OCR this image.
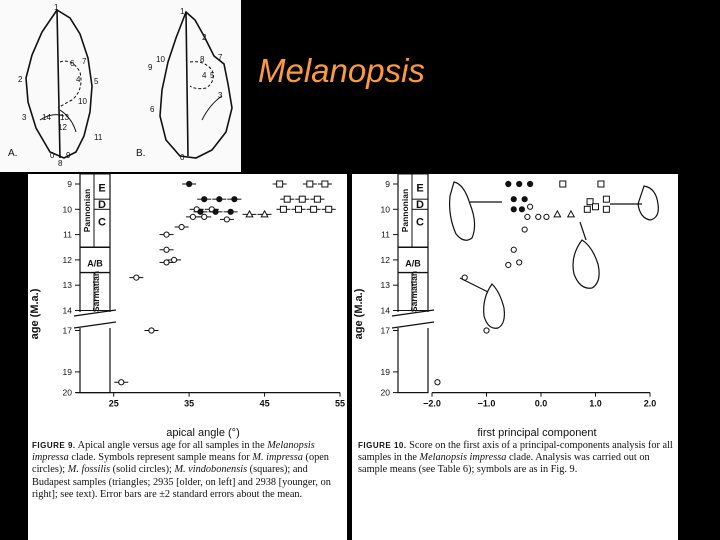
Melanopsis
1
2
3
4 5
6 7
8
9
10
11
12
13
14
0
A.
1
2
3
4 5
6
7
8
9
10
0
B.
age (M.a.)
9
10
11
12
13
14
17
19
20
E
D
C
A/B
Pannonian
Sarmatian
25	35	45	55
apical angle (°)
FIGURE 9. Apical angle versus age for all samples in the Melanopsis impressa clade. Symbols represent sample means for M. impressa (open circles); M. fossilis (solid circles); M. vindobonensis (squares); and Budapest samples (triangles; 2935 [older, on left] and 2938 [younger, on right]; see text). Error bars are ±2 standard errors about the mean.
age (M.a.)
9
10
11
12
13
14
17
19
20
E
D
C
A/B
Pannonian
Sarmatian
−2.0	−1.0	0.0	1.0	2.0
first principal component
FIGURE 10. Score on the first axis of a principal-components analysis for all samples in the Melanopsis impressa clade. Analysis was carried out on sample means (see Table 6); symbols are as in Fig. 9.
